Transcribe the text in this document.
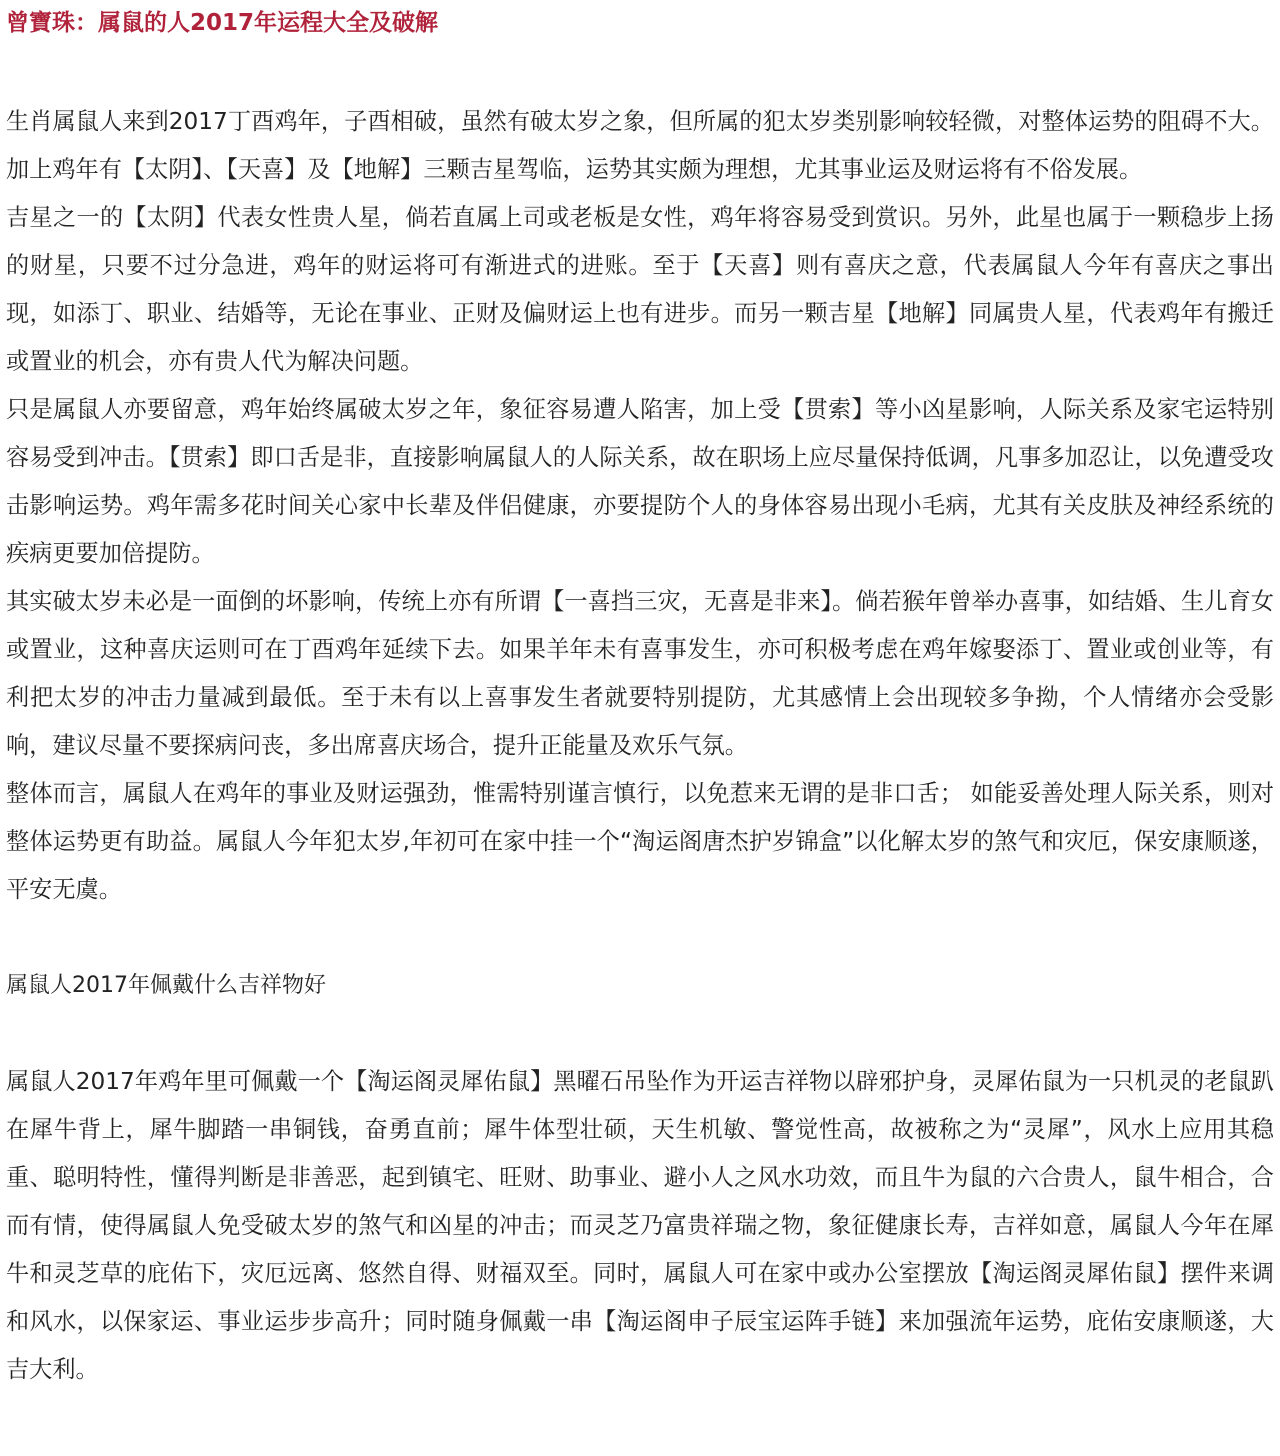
曾寶珠：属鼠的人2017年运程大全及破解

生肖属鼠人来到2017丁酉鸡年，子酉相破，虽然有破太岁之象，但所属的犯太岁类别影响较轻微，对整体运势的阻碍不大。加上鸡年有【太阴】、【天喜】及【地解】三颗吉星驾临，运势其实颇为理想，尤其事业运及财运将有不俗发展。

吉星之一的【太阴】代表女性贵人星，倘若直属上司或老板是女性，鸡年将容易受到赏识。另外，此星也属于一颗稳步上扬的财星，只要不过分急进，鸡年的财运将可有渐进式的进账。至于【天喜】则有喜庆之意，代表属鼠人今年有喜庆之事出现，如添丁、职业、结婚等，无论在事业、正财及偏财运上也有进步。而另一颗吉星【地解】同属贵人星，代表鸡年有搬迁或置业的机会，亦有贵人代为解决问题。

只是属鼠人亦要留意，鸡年始终属破太岁之年，象征容易遭人陷害，加上受【贯索】等小凶星影响，人际关系及家宅运特别容易受到冲击。【贯索】即口舌是非，直接影响属鼠人的人际关系，故在职场上应尽量保持低调，凡事多加忍让，以免遭受攻击影响运势。鸡年需多花时间关心家中长辈及伴侣健康，亦要提防个人的身体容易出现小毛病，尤其有关皮肤及神经系统的疾病更要加倍提防。

其实破太岁未必是一面倒的坏影响，传统上亦有所谓【一喜挡三灾，无喜是非来】。倘若猴年曾举办喜事，如结婚、生儿育女或置业，这种喜庆运则可在丁酉鸡年延续下去。如果羊年未有喜事发生，亦可积极考虑在鸡年嫁娶添丁、置业或创业等，有利把太岁的冲击力量减到最低。至于未有以上喜事发生者就要特别提防，尤其感情上会出现较多争拗，个人情绪亦会受影响，建议尽量不要探病问丧，多出席喜庆场合，提升正能量及欢乐气氛。

整体而言，属鼠人在鸡年的事业及财运强劲，惟需特别谨言慎行，以免惹来无谓的是非口舌； 如能妥善处理人际关系，则对整体运势更有助益。属鼠人今年犯太岁,年初可在家中挂一个“淘运阁唐杰护岁锦盒”以化解太岁的煞气和灾厄，保安康顺遂，平安无虞。

属鼠人2017年佩戴什么吉祥物好

属鼠人2017年鸡年里可佩戴一个【淘运阁灵犀佑鼠】黑曜石吊坠作为开运吉祥物以辟邪护身，灵犀佑鼠为一只机灵的老鼠趴在犀牛背上，犀牛脚踏一串铜钱，奋勇直前；犀牛体型壮硕，天生机敏、警觉性高，故被称之为“灵犀”，风水上应用其稳重、聪明特性，懂得判断是非善恶，起到镇宅、旺财、助事业、避小人之风水功效，而且牛为鼠的六合贵人，鼠牛相合，合而有情，使得属鼠人免受破太岁的煞气和凶星的冲击；而灵芝乃富贵祥瑞之物，象征健康长寿，吉祥如意，属鼠人今年在犀牛和灵芝草的庇佑下，灾厄远离、悠然自得、财福双至。同时，属鼠人可在家中或办公室摆放【淘运阁灵犀佑鼠】摆件来调和风水，以保家运、事业运步步高升；同时随身佩戴一串【淘运阁申子辰宝运阵手链】来加强流年运势，庇佑安康顺遂，大吉大利。
